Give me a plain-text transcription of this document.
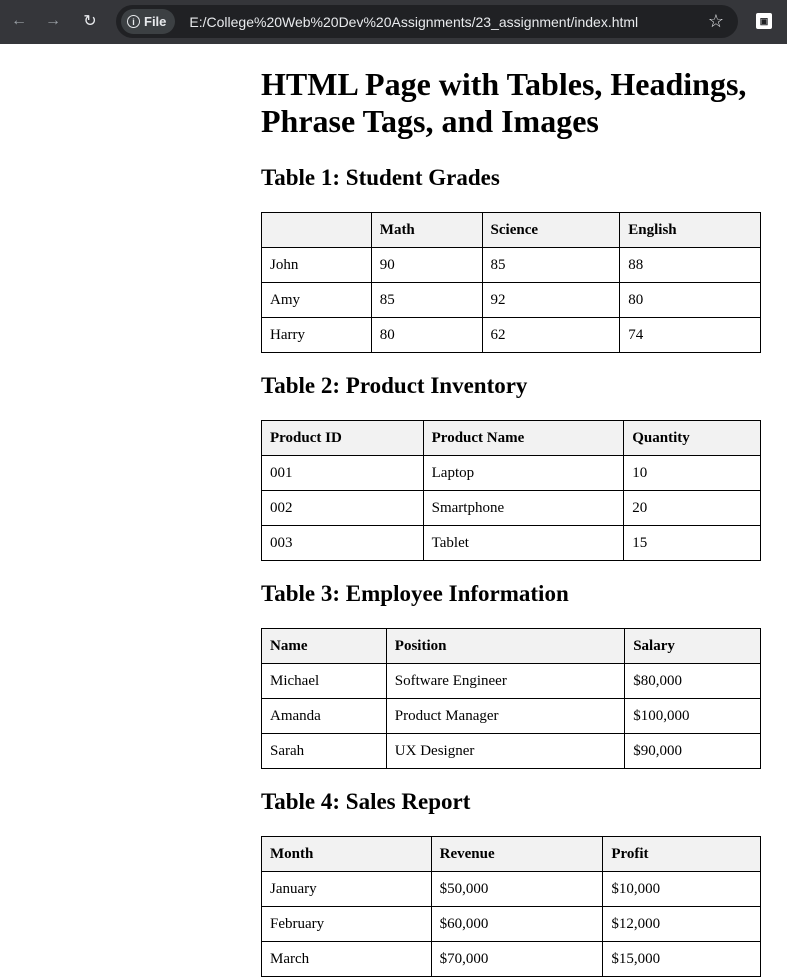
← → ↻	i File E:/College%20Web%20Dev%20Assignments/23_assignment/index.html	☆	▣
HTML Page with Tables, Headings, Phrase Tags, and Images
Table 1: Student Grades
	Math	Science	English
John	90	85	88
Amy	85	92	80
Harry	80	62	74
Table 2: Product Inventory
Product ID	Product Name	Quantity
001	Laptop	10
002	Smartphone	20
003	Tablet	15
Table 3: Employee Information
Name	Position	Salary
Michael	Software Engineer	$80,000
Amanda	Product Manager	$100,000
Sarah	UX Designer	$90,000
Table 4: Sales Report
Month	Revenue	Profit
January	$50,000	$10,000
February	$60,000	$12,000
March	$70,000	$15,000
